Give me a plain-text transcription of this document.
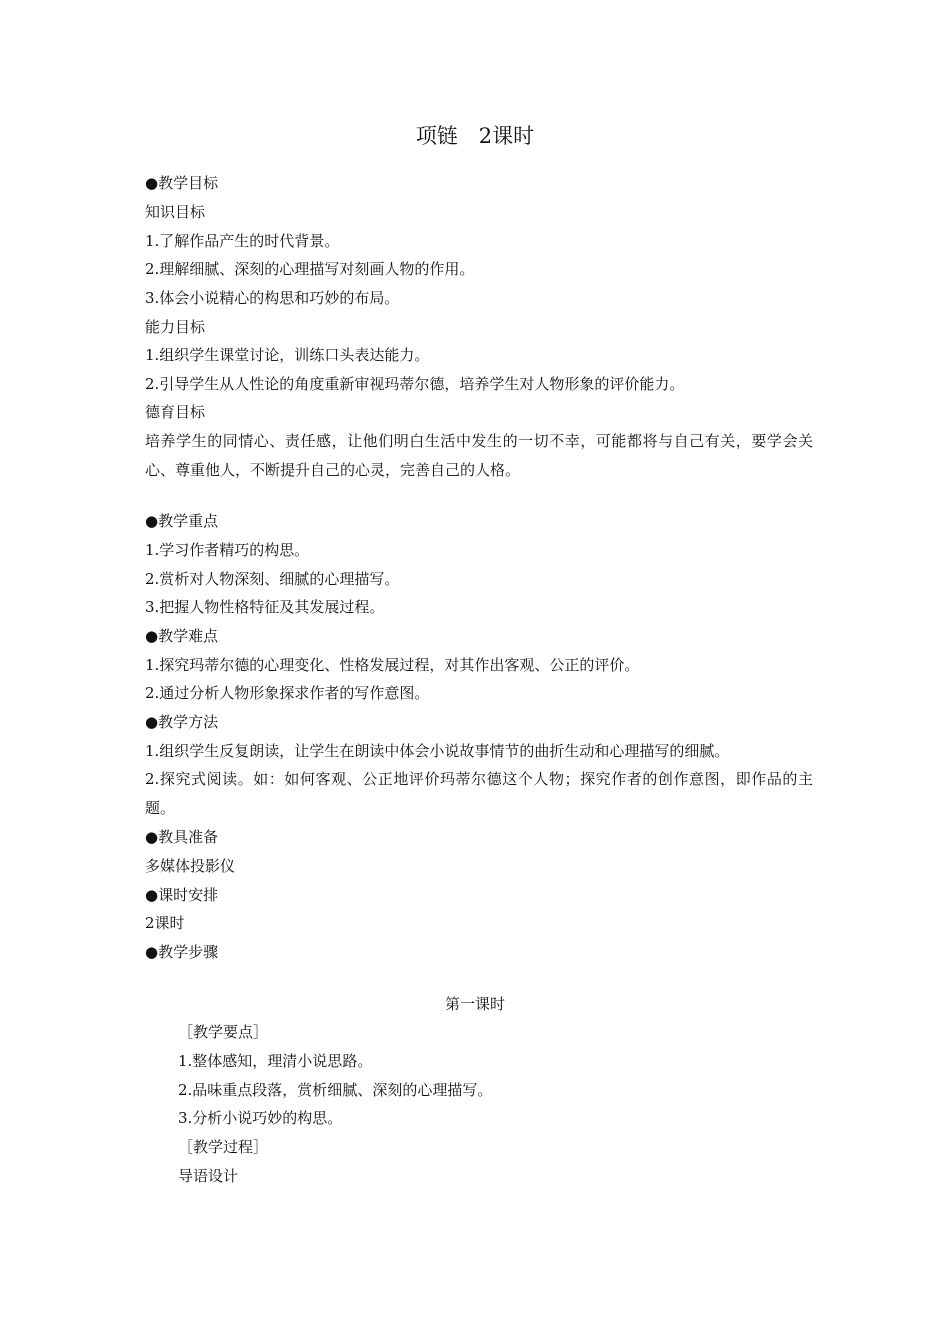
项链　2课时
●教学目标
知识目标
1.了解作品产生的时代背景。
2.理解细腻、深刻的心理描写对刻画人物的作用。
3.体会小说精心的构思和巧妙的布局。
能力目标
1.组织学生课堂讨论，训练口头表达能力。
2.引导学生从人性论的角度重新审视玛蒂尔德，培养学生对人物形象的评价能力。
德育目标
培养学生的同情心、责任感，让他们明白生活中发生的一切不幸，可能都将与自己有关，要学会关心、尊重他人，不断提升自己的心灵，完善自己的人格。
●教学重点
1.学习作者精巧的构思。
2.赏析对人物深刻、细腻的心理描写。
3.把握人物性格特征及其发展过程。
●教学难点
1.探究玛蒂尔德的心理变化、性格发展过程，对其作出客观、公正的评价。
2.通过分析人物形象探求作者的写作意图。
●教学方法
1.组织学生反复朗读，让学生在朗读中体会小说故事情节的曲折生动和心理描写的细腻。
2.探究式阅读。如：如何客观、公正地评价玛蒂尔德这个人物；探究作者的创作意图，即作品的主题。
●教具准备
多媒体投影仪
●课时安排
2课时
●教学步骤
第一课时
［教学要点］
1.整体感知，理清小说思路。
2.品味重点段落，赏析细腻、深刻的心理描写。
3.分析小说巧妙的构思。
［教学过程］
导语设计
